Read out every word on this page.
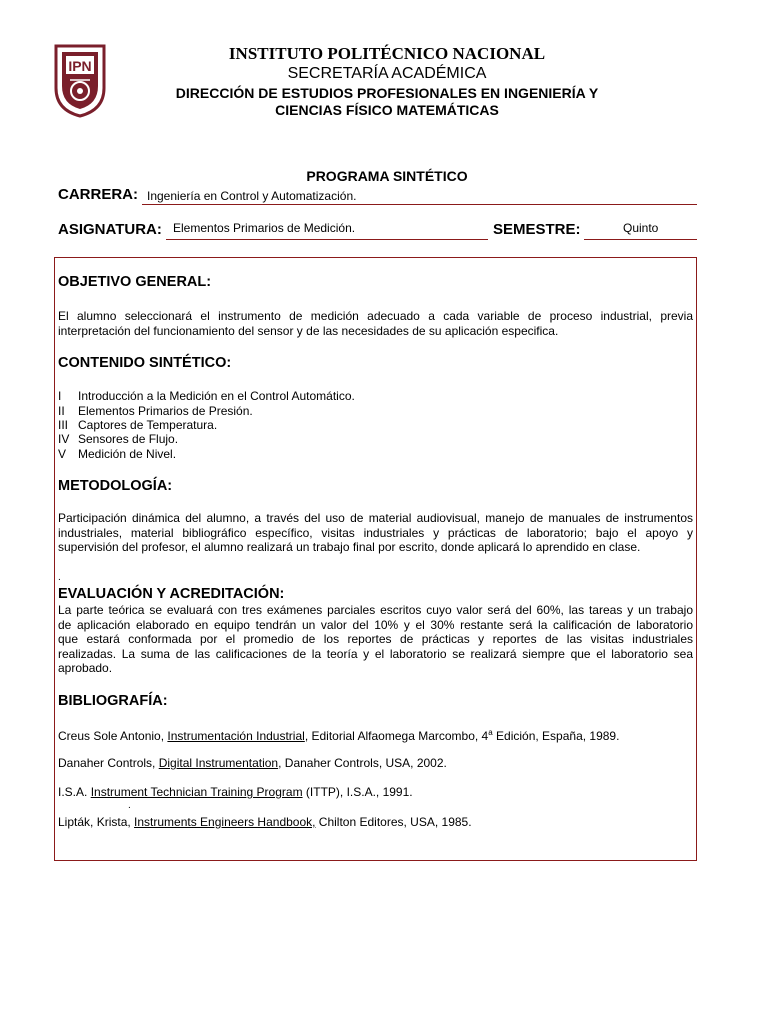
IPN
INSTITUTO POLITÉCNICO NACIONAL
SECRETARÍA ACADÉMICA
DIRECCIÓN DE ESTUDIOS PROFESIONALES EN INGENIERÍA Y
CIENCIAS FÍSICO MATEMÁTICAS
PROGRAMA SINTÉTICO
CARRERA: Ingeniería en Control y Automatización.
ASIGNATURA: Elementos Primarios de Medición.	SEMESTRE:	Quinto
OBJETIVO GENERAL:
El alumno seleccionará el instrumento de medición adecuado a cada variable de proceso industrial, previa
interpretación del funcionamiento del sensor y de las necesidades de su aplicación especifica.
CONTENIDO SINTÉTICO:
I Introducción a la Medición en el Control Automático.
II Elementos Primarios de Presión.
III Captores de Temperatura.
IV Sensores de Flujo.
V Medición de Nivel.
METODOLOGÍA:
Participación dinámica del alumno, a través del uso de material audiovisual, manejo de manuales de instrumentos
industriales, material bibliográfico específico, visitas industriales y prácticas de laboratorio; bajo el apoyo y
supervisión del profesor, el alumno realizará un trabajo final por escrito, donde aplicará lo aprendido en clase.
.
EVALUACIÓN Y ACREDITACIÓN:
La parte teórica se evaluará con tres exámenes parciales escritos cuyo valor será del 60%, las tareas y un trabajo
de aplicación elaborado en equipo tendrán un valor del 10% y el 30% restante será la calificación de laboratorio
que estará conformada por el promedio de los reportes de prácticas y reportes de las visitas industriales
realizadas. La suma de las calificaciones de la teoría y el laboratorio se realizará siempre que el laboratorio sea
aprobado.
BIBLIOGRAFÍA:
Creus Sole Antonio, Instrumentación Industrial, Editorial Alfaomega Marcombo, 4$^a$ Edición, España, 1989.
Danaher Controls, Digital Instrumentation, Danaher Controls, USA, 2002.
I.S.A. Instrument Technician Training Program (ITTP), I.S.A., 1991.
.
Lipták, Krista, Instruments Engineers Handbook, Chilton Editores, USA, 1985.
